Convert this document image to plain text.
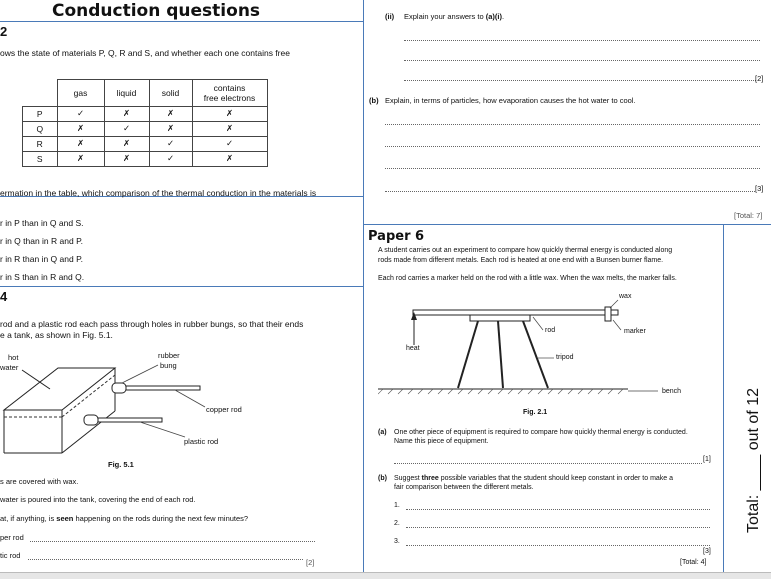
Conduction questions
2
ows the state of materials P, Q, R and S, and whether each one contains free
	gas	liquid	solid	contains
free electrons
P	✓	✗	✗	✗
Q	✗	✓	✗	✗
R	✗	✗	✓	✓
S	✗	✗	✓	✗
ermation in the table, which comparison of the thermal conduction in the materials is
r in P than in Q and S.
r in Q than in R and P.
r in R than in Q and P.
r in S than in R and Q.
4
rod and a plastic rod each pass through holes in rubber bungs, so that their ends
e a tank, as shown in Fig. 5.1.
hot
water
rubber
bung
copper rod
plastic rod
Fig. 5.1
s are covered with wax.
water is poured into the tank, covering the end of each rod.
at, if anything, is seen happening on the rods during the next few minutes?
per rod
tic rod
[2]
(ii) Explain your answers to (a)(i).
[2]
(b) Explain, in terms of particles, how evaporation causes the hot water to cool.
[3]
[Total: 7]
Paper 6
A student carries out an experiment to compare how quickly thermal energy is conducted along
rods made from different metals. Each rod is heated at one end with a Bunsen burner flame.
Each rod carries a marker held on the rod with a little wax. When the wax melts, the marker falls.
wax
rod	marker
heat
tripod
bench
Fig. 2.1
(a) One other piece of equipment is required to compare how quickly thermal energy is conducted.
Name this piece of equipment.
[1]
(b) Suggest three possible variables that the student should keep constant in order to make a
fair comparison between the different metals.
1.
2.
3.
[3]
[Total: 4]
Total: ____ out of 12
